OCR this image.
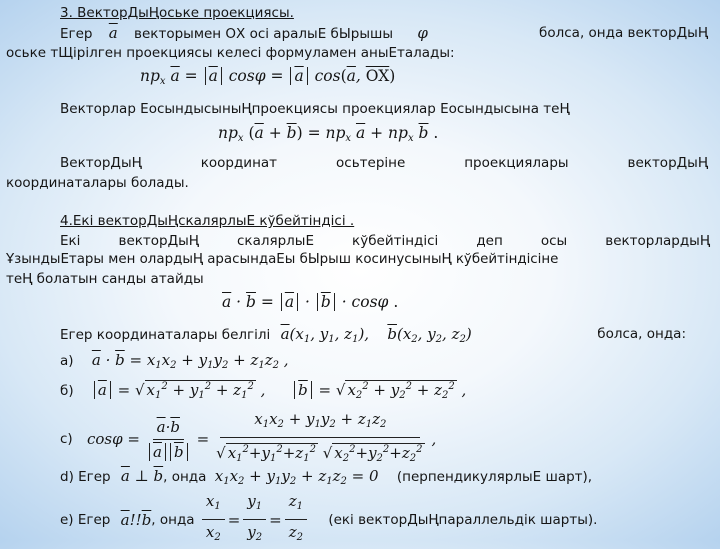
3. ВекторДыҢоське проекциясы.
Егер $\overline{a}$ векторымен ОХ осі аралыЕ бЫрышы φ	болса, онда векторДыҢ
оське тЩірілген проекциясы келесі формуламен аныЕталады:
$np_x$ $\overline{a} = \overline{a}$ $\cos\varphi = \overline{a}$ $\cos(\overline{a}$, $\overline{OX}$)
Векторлар ЕосындысыныҢпроекциясы проекциялар Еосындысына теҢ
$np_x$ $(\overline{a} + \overline{b}) = np_x$ $\overline{a} + np_x$ $\overline{b}$ .
ВекторДыҢ	координат	осьтеріне	проекциялары	векторДыҢ
координаталары болады.
4.Екі векторДыҢскалярлыЕ кўбейтіндісі .
Екі	векторДыҢ	скалярлыЕ	кўбейтіндісі	деп	осы	векторлардыҢ
ҰзындыЕтары мен олардыҢ арасындаЕы бЫрыш косинусыныҢ кўбейтіндісіне
теҢ болатын санды атайды
$\overline{a} \cdot \overline{b} = \overline{a} \cdot \overline{b} \cdot \cos\varphi$ .
Егер координаталары белгілі $\overline{a}(x_1$, $y_1$, $z_1$), $\overline{b}(x_2$, $y_2$, $z_2$)	болса, онда:
а) $\overline{a} \cdot \overline{b} = x_1x_2 + y_1y_2 + z_1z_2$ ,
б) $\overline{a}$ = √ $x_1^2 + y_1^2 + z_1^2$ , $\overline{b}$ = √ $x_2^2 + y_2^2 + z_2^2$ ,
с) $\cos \varphi = \frac{\overline{a}\cdot\overline{b}}{\overline{a} \overline{b}} = \frac{x_1x_2 + y_1y_2 + z_1z_2}{√ x_1^2+y_1^2+z_1^2 √ x_2^2+y_2^2+z_2^2}$ ,
d) Егер $\overline{a}$ ⊥ $\overline{b}$, онда $x_1x_2 + y_1y_2 + z_1z_2 = 0$ (перпендикулярлыЕ шарт),
е) Егер $\overline{a}!!\overline{b}$, онда $\frac{x_1}{x_2} = \frac{y_1}{y_2} = \frac{z_1}{z_2} (екі$ векторДыҢпараллельдік шарты).
